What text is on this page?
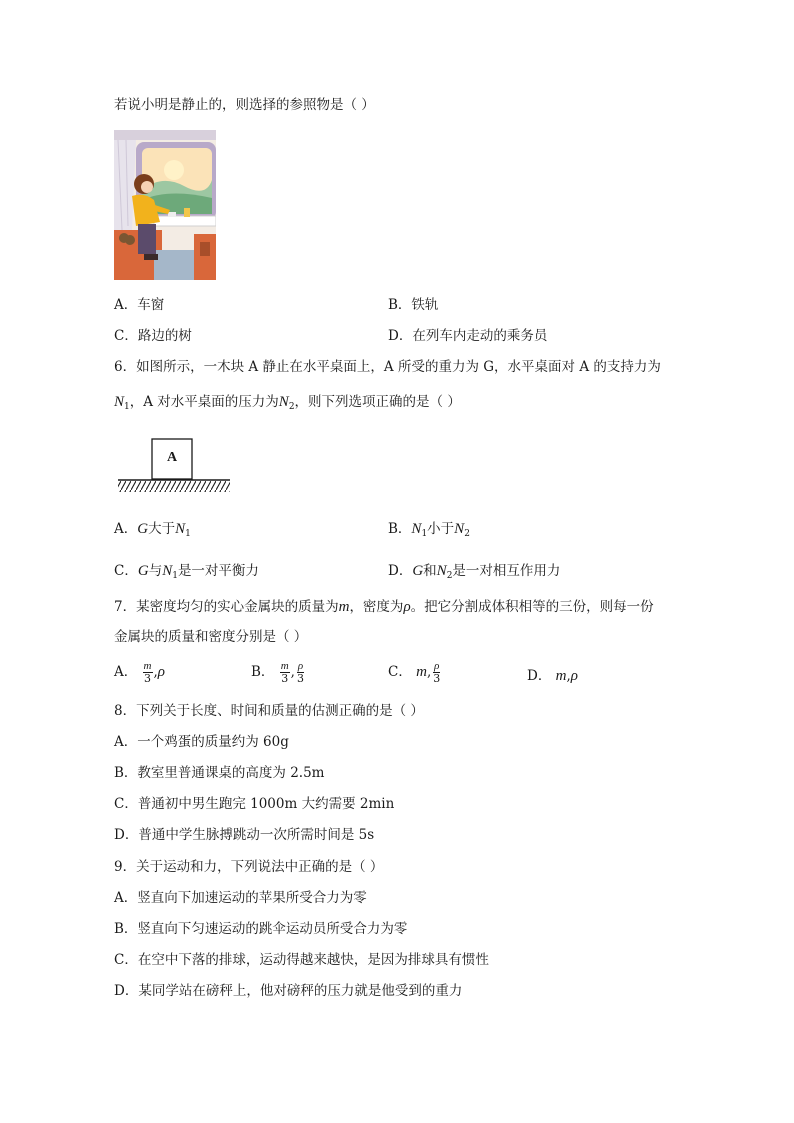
若说小明是静止的，则选择的参照物是（ ）
A．车窗	B．铁轨
C．路边的树	D．在列车内走动的乘务员
6．如图所示，一木块 A 静止在水平桌面上，A 所受的重力为 G，水平桌面对 A 的支持力为
$N_1$，A 对水平桌面的压力为$N_2$，则下列选项正确的是（ ）
A
A．G大于$N_1$	B．$N_1$小于$N_2$
C．G与$N_1$是一对平衡力	D．G和$N_2$是一对相互作用力
7．某密度均匀的实心金属块的质量为m，密度为ρ。把它分割成体积相等的三份，则每一份
金属块的质量和密度分别是（ ）
A． $\frac{m}{3} ,\rho$	B． $\frac{m}{3}$ , $\frac{\rho}{3}$	C． m, $\frac{\rho}{3}$	D． m,ρ
8．下列关于长度、时间和质量的估测正确的是（ ）
A．一个鸡蛋的质量约为 60g
B．教室里普通课桌的高度为 2.5m
C．普通初中男生跑完 1000m 大约需要 2min
D．普通中学生脉搏跳动一次所需时间是 5s
9．关于运动和力，下列说法中正确的是（ ）
A．竖直向下加速运动的苹果所受合力为零
B．竖直向下匀速运动的跳伞运动员所受合力为零
C．在空中下落的排球，运动得越来越快，是因为排球具有惯性
D．某同学站在磅秤上，他对磅秤的压力就是他受到的重力
